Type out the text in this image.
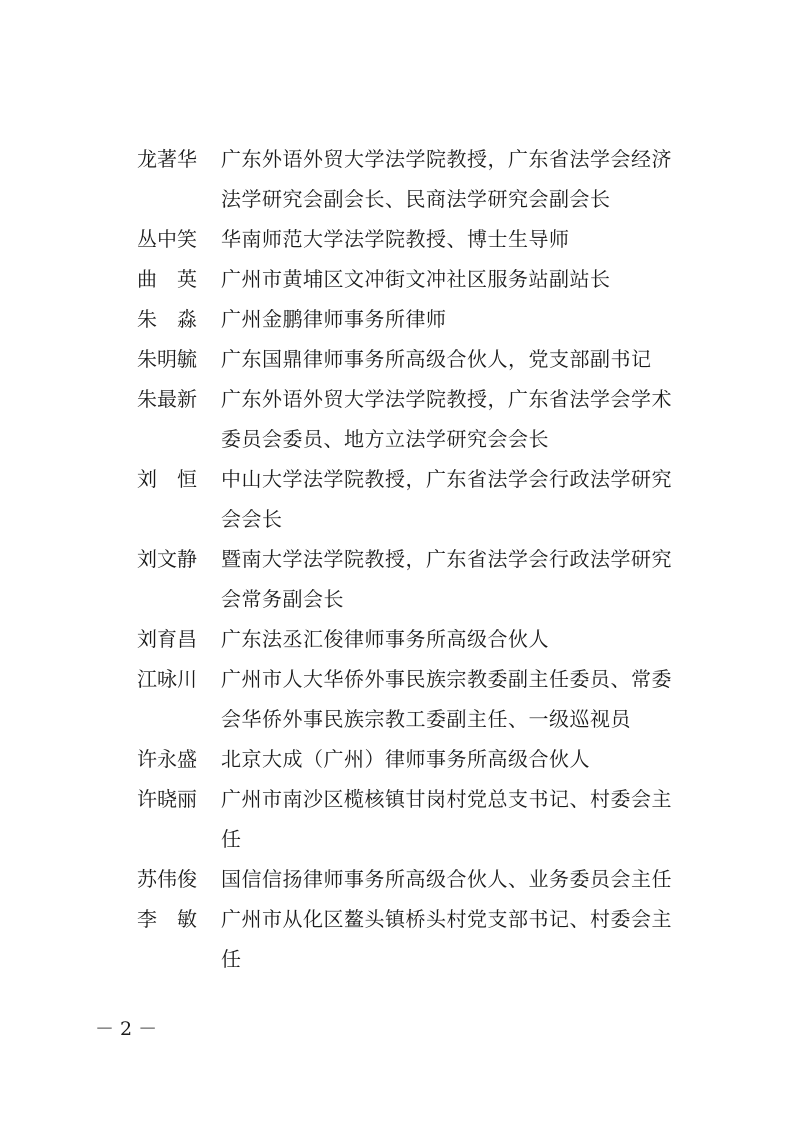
龙著华	广东外语外贸大学法学院教授，广东省法学会经济法学研究会副会长、民商法学研究会副会长
丛中笑	华南师范大学法学院教授、博士生导师
曲　英	广州市黄埔区文冲街文冲社区服务站副站长
朱　淼	广州金鹏律师事务所律师
朱明毓	广东国鼎律师事务所高级合伙人，党支部副书记
朱最新	广东外语外贸大学法学院教授，广东省法学会学术委员会委员、地方立法学研究会会长
刘　恒	中山大学法学院教授，广东省法学会行政法学研究会会长
刘文静	暨南大学法学院教授，广东省法学会行政法学研究会常务副会长
刘育昌	广东法丞汇俊律师事务所高级合伙人
江咏川	广州市人大华侨外事民族宗教委副主任委员、常委会华侨外事民族宗教工委副主任、一级巡视员
许永盛	北京大成（广州）律师事务所高级合伙人
许晓丽	广州市南沙区榄核镇甘岗村党总支书记、村委会主任
苏伟俊	国信信扬律师事务所高级合伙人、业务委员会主任
李　敏	广州市从化区鳌头镇桥头村党支部书记、村委会主任
－ 2 －
